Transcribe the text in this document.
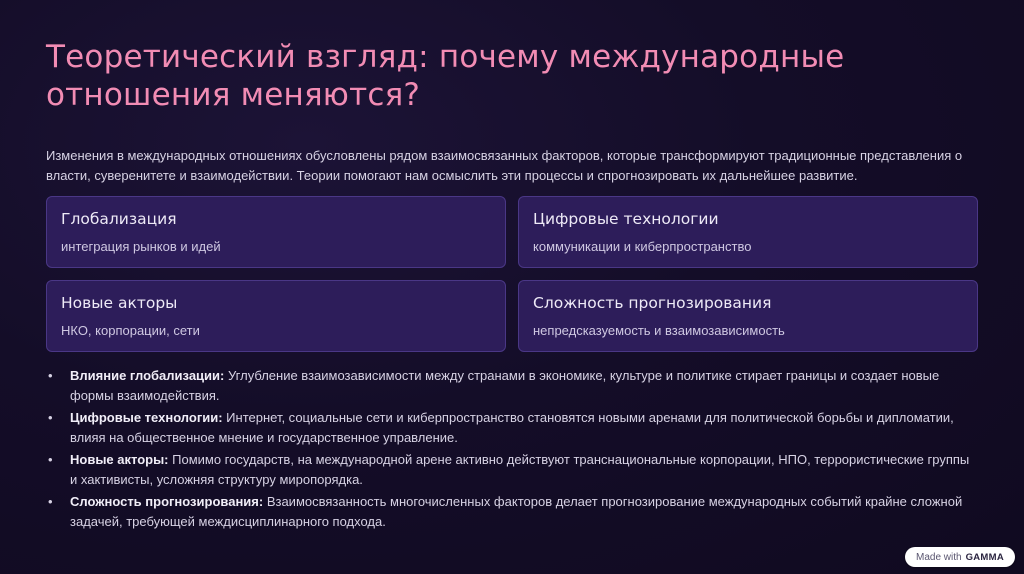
Теоретический взгляд: почему международные отношения меняются?

Изменения в международных отношениях обусловлены рядом взаимосвязанных факторов, которые трансформируют традиционные представления о власти, суверенитете и взаимодействии. Теории помогают нам осмыслить эти процессы и спрогнозировать их дальнейшее развитие.

Глобализация
интеграция рынков и идей
Цифровые технологии
коммуникации и киберпространство
Новые акторы
НКО, корпорации, сети
Сложность прогнозирования
непредсказуемость и взаимозависимость
• Влияние глобализации: Углубление взаимозависимости между странами в экономике, культуре и политике стирает границы и создает новые формы взаимодействия.
• Цифровые технологии: Интернет, социальные сети и киберпространство становятся новыми аренами для политической борьбы и дипломатии, влияя на общественное мнение и государственное управление.
• Новые акторы: Помимо государств, на международной арене активно действуют транснациональные корпорации, НПО, террористические группы и хактивисты, усложняя структуру миропорядка.
• Сложность прогнозирования: Взаимосвязанность многочисленных факторов делает прогнозирование международных событий крайне сложной задачей, требующей междисциплинарного подхода.
Made with GAMMA
